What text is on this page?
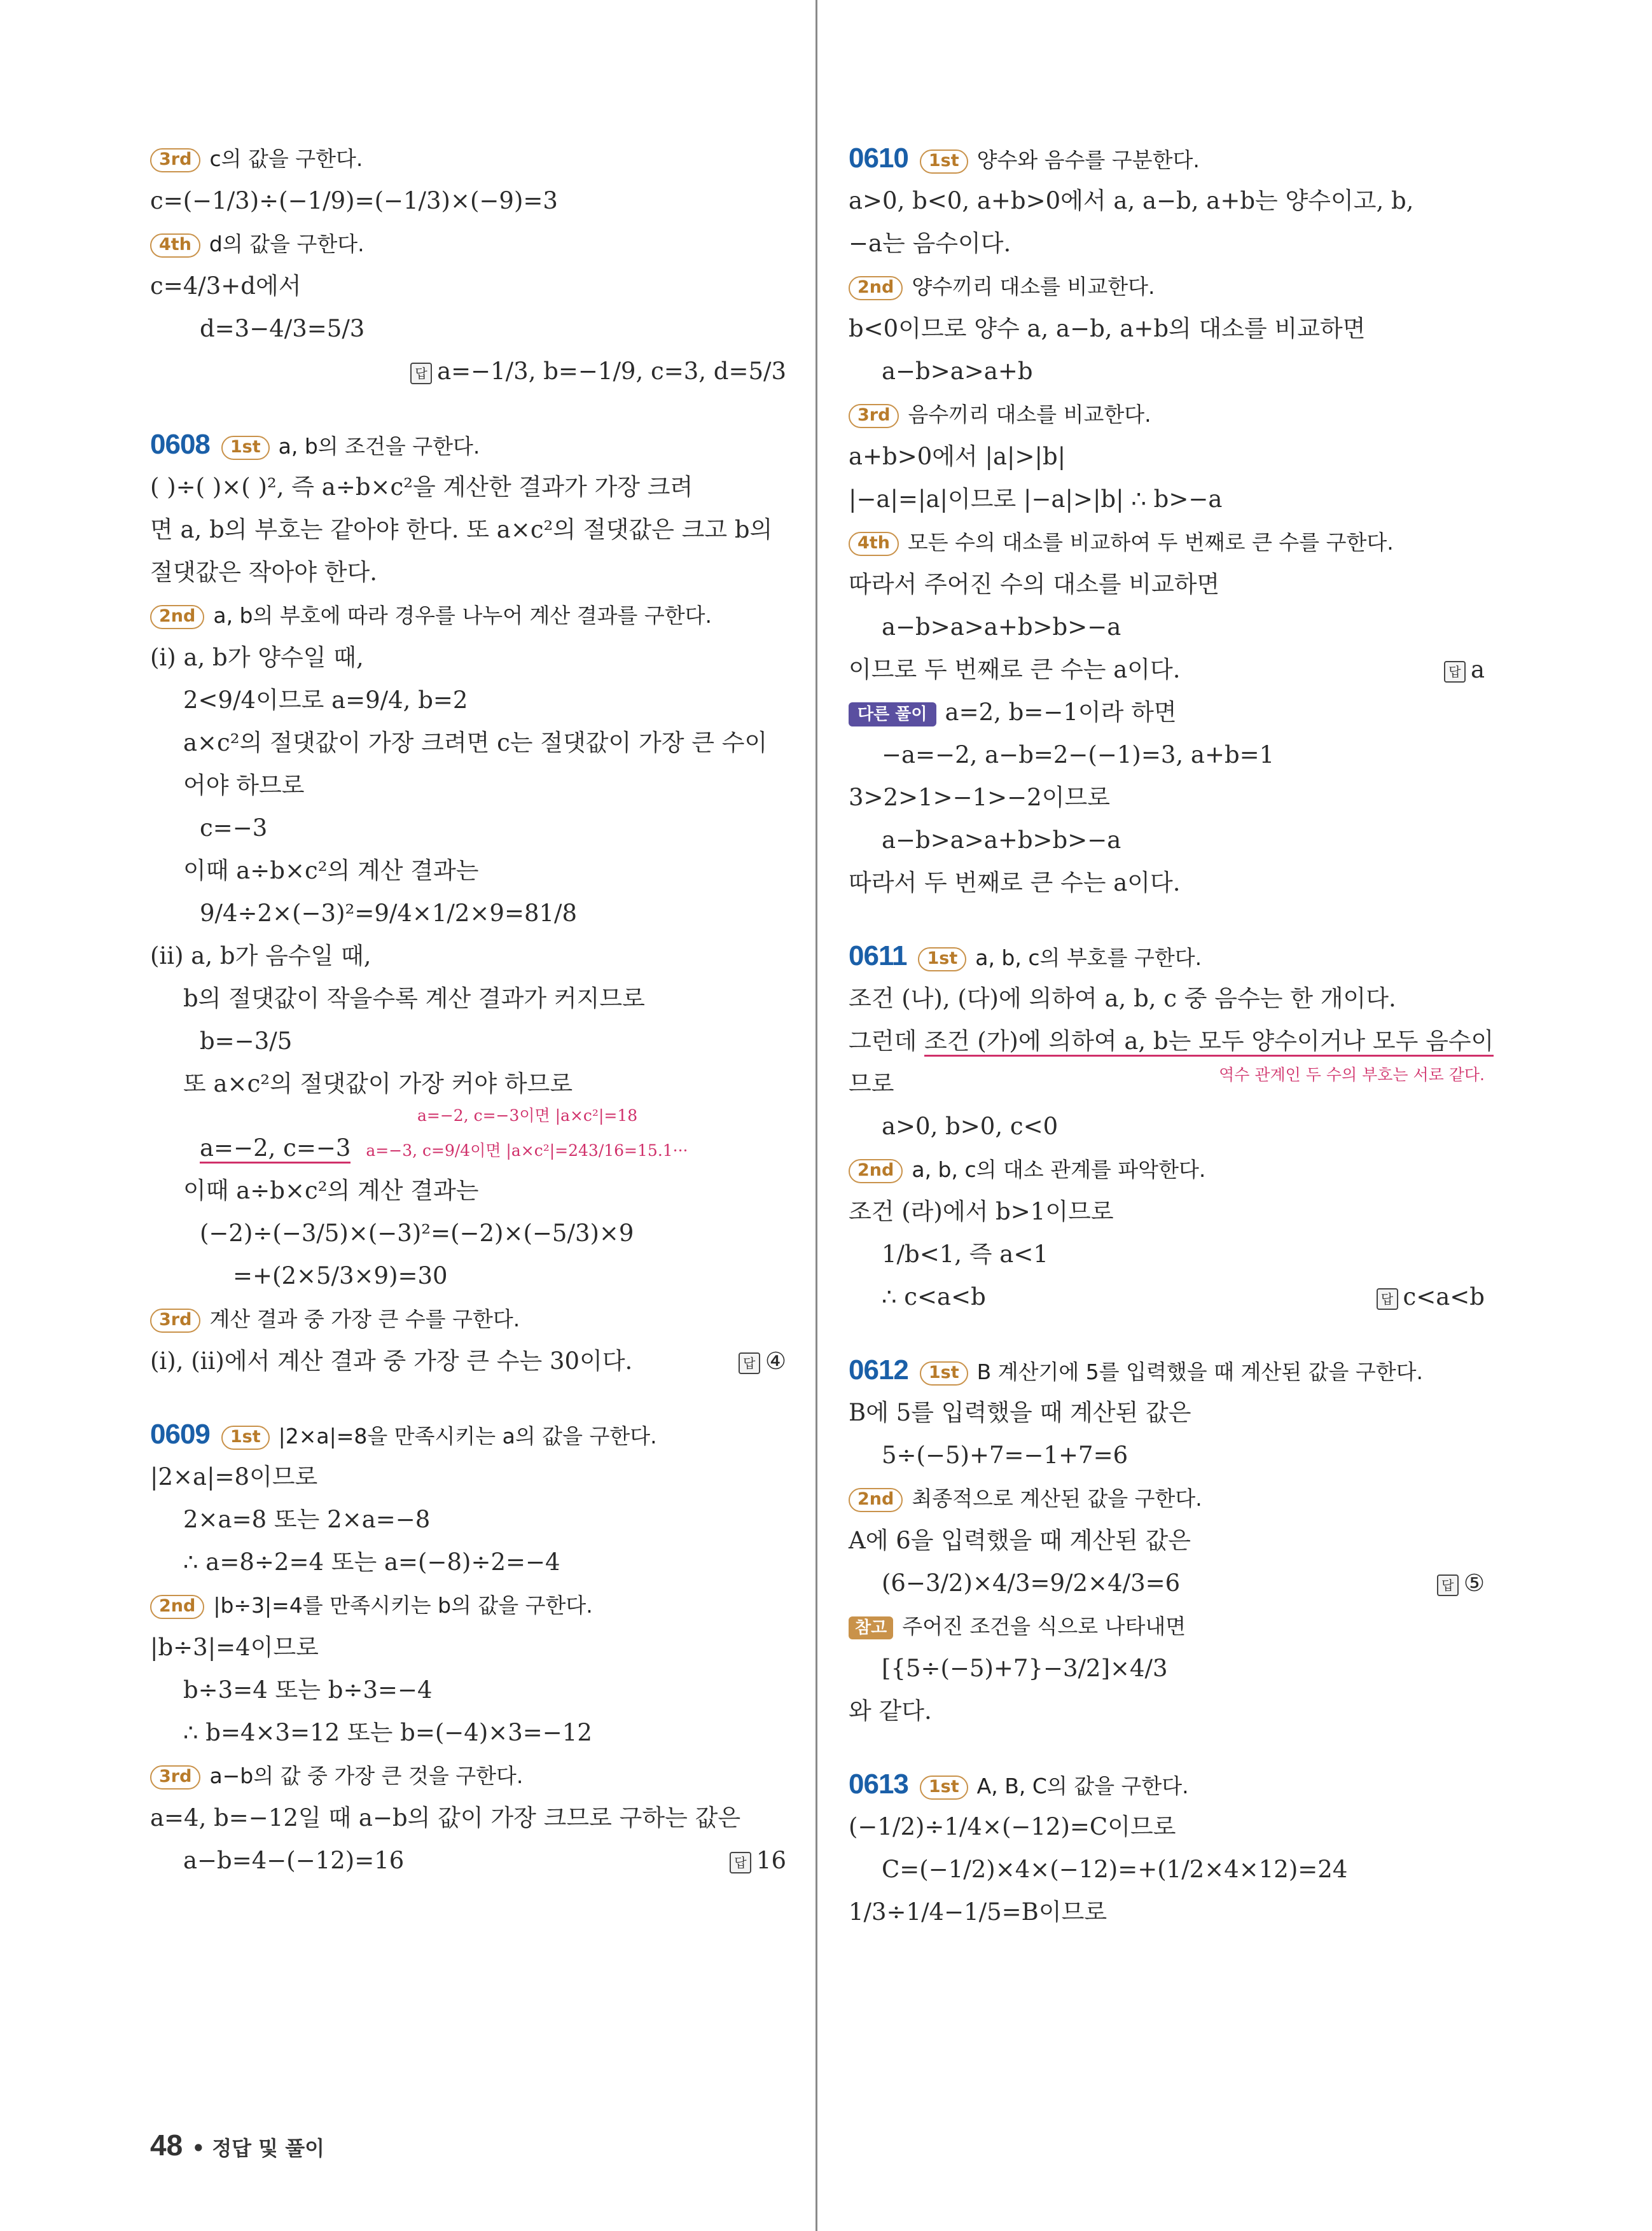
3rd c의 값을 구한다.
c=(−1/3)÷(−1/9)=(−1/3)×(−9)=3
4th d의 값을 구한다.
c=4/3+d에서
d=3−4/3=5/3
답 a=−1/3, b=−1/9, c=3, d=5/3
0608 1st a, b의 조건을 구한다.
( )÷( )×( )², 즉 a÷b×c²을 계산한 결과가 가장 크려
면 a, b의 부호는 같아야 한다. 또 a×c²의 절댓값은 크고 b의
절댓값은 작아야 한다.
2nd a, b의 부호에 따라 경우를 나누어 계산 결과를 구한다.
(i) a, b가 양수일 때,
2<9/4이므로 a=9/4, b=2
a×c²의 절댓값이 가장 크려면 c는 절댓값이 가장 큰 수이
어야 하므로
c=−3
이때 a÷b×c²의 계산 결과는
9/4÷2×(−3)²=9/4×1/2×9=81/8
(ii) a, b가 음수일 때,
b의 절댓값이 작을수록 계산 결과가 커지므로
b=−3/5
또 a×c²의 절댓값이 가장 커야 하므로
a=−2, c=−3이면 |a×c²|=18
a=−2, c=−3 a=−3, c=9/4이면 |a×c²|=243/16=15.1···
이때 a÷b×c²의 계산 결과는
(−2)÷(−3/5)×(−3)²=(−2)×(−5/3)×9
=+(2×5/3×9)=30
3rd 계산 결과 중 가장 큰 수를 구한다.
(i), (ii)에서 계산 결과 중 가장 큰 수는 30이다.	답 ④
0609 1st |2×a|=8을 만족시키는 a의 값을 구한다.
|2×a|=8이므로
2×a=8 또는 2×a=−8
∴ a=8÷2=4 또는 a=(−8)÷2=−4
2nd |b÷3|=4를 만족시키는 b의 값을 구한다.
|b÷3|=4이므로
b÷3=4 또는 b÷3=−4
∴ b=4×3=12 또는 b=(−4)×3=−12
3rd a−b의 값 중 가장 큰 것을 구한다.
a=4, b=−12일 때 a−b의 값이 가장 크므로 구하는 값은
a−b=4−(−12)=16	답 16
0610 1st 양수와 음수를 구분한다.
a>0, b<0, a+b>0에서 a, a−b, a+b는 양수이고, b,
−a는 음수이다.
2nd 양수끼리 대소를 비교한다.
b<0이므로 양수 a, a−b, a+b의 대소를 비교하면
a−b>a>a+b
3rd 음수끼리 대소를 비교한다.
a+b>0에서 |a|>|b|
|−a|=|a|이므로 |−a|>|b| ∴ b>−a
4th 모든 수의 대소를 비교하여 두 번째로 큰 수를 구한다.
따라서 주어진 수의 대소를 비교하면
a−b>a>a+b>b>−a
이므로 두 번째로 큰 수는 a이다.	답 a
다른 풀이 a=2, b=−1이라 하면
−a=−2, a−b=2−(−1)=3, a+b=1
3>2>1>−1>−2이므로
a−b>a>a+b>b>−a
따라서 두 번째로 큰 수는 a이다.
0611 1st a, b, c의 부호를 구한다.
조건 (나), (다)에 의하여 a, b, c 중 음수는 한 개이다.
그런데 조건 (가)에 의하여 a, b는 모두 양수이거나 모두 음수이
므로	역수 관계인 두 수의 부호는 서로 같다.
a>0, b>0, c<0
2nd a, b, c의 대소 관계를 파악한다.
조건 (라)에서 b>1이므로
1/b<1, 즉 a<1
∴ c<a<b	답 c<a<b
0612 1st B 계산기에 5를 입력했을 때 계산된 값을 구한다.
B에 5를 입력했을 때 계산된 값은
5÷(−5)+7=−1+7=6
2nd 최종적으로 계산된 값을 구한다.
A에 6을 입력했을 때 계산된 값은
(6−3/2)×4/3=9/2×4/3=6	답 ⑤
참고 주어진 조건을 식으로 나타내면
[{5÷(−5)+7}−3/2]×4/3
와 같다.
0613 1st A, B, C의 값을 구한다.
(−1/2)÷1/4×(−12)=C이므로
C=(−1/2)×4×(−12)=+(1/2×4×12)=24
1/3÷1/4−1/5=B이므로
48 • 정답 및 풀이
